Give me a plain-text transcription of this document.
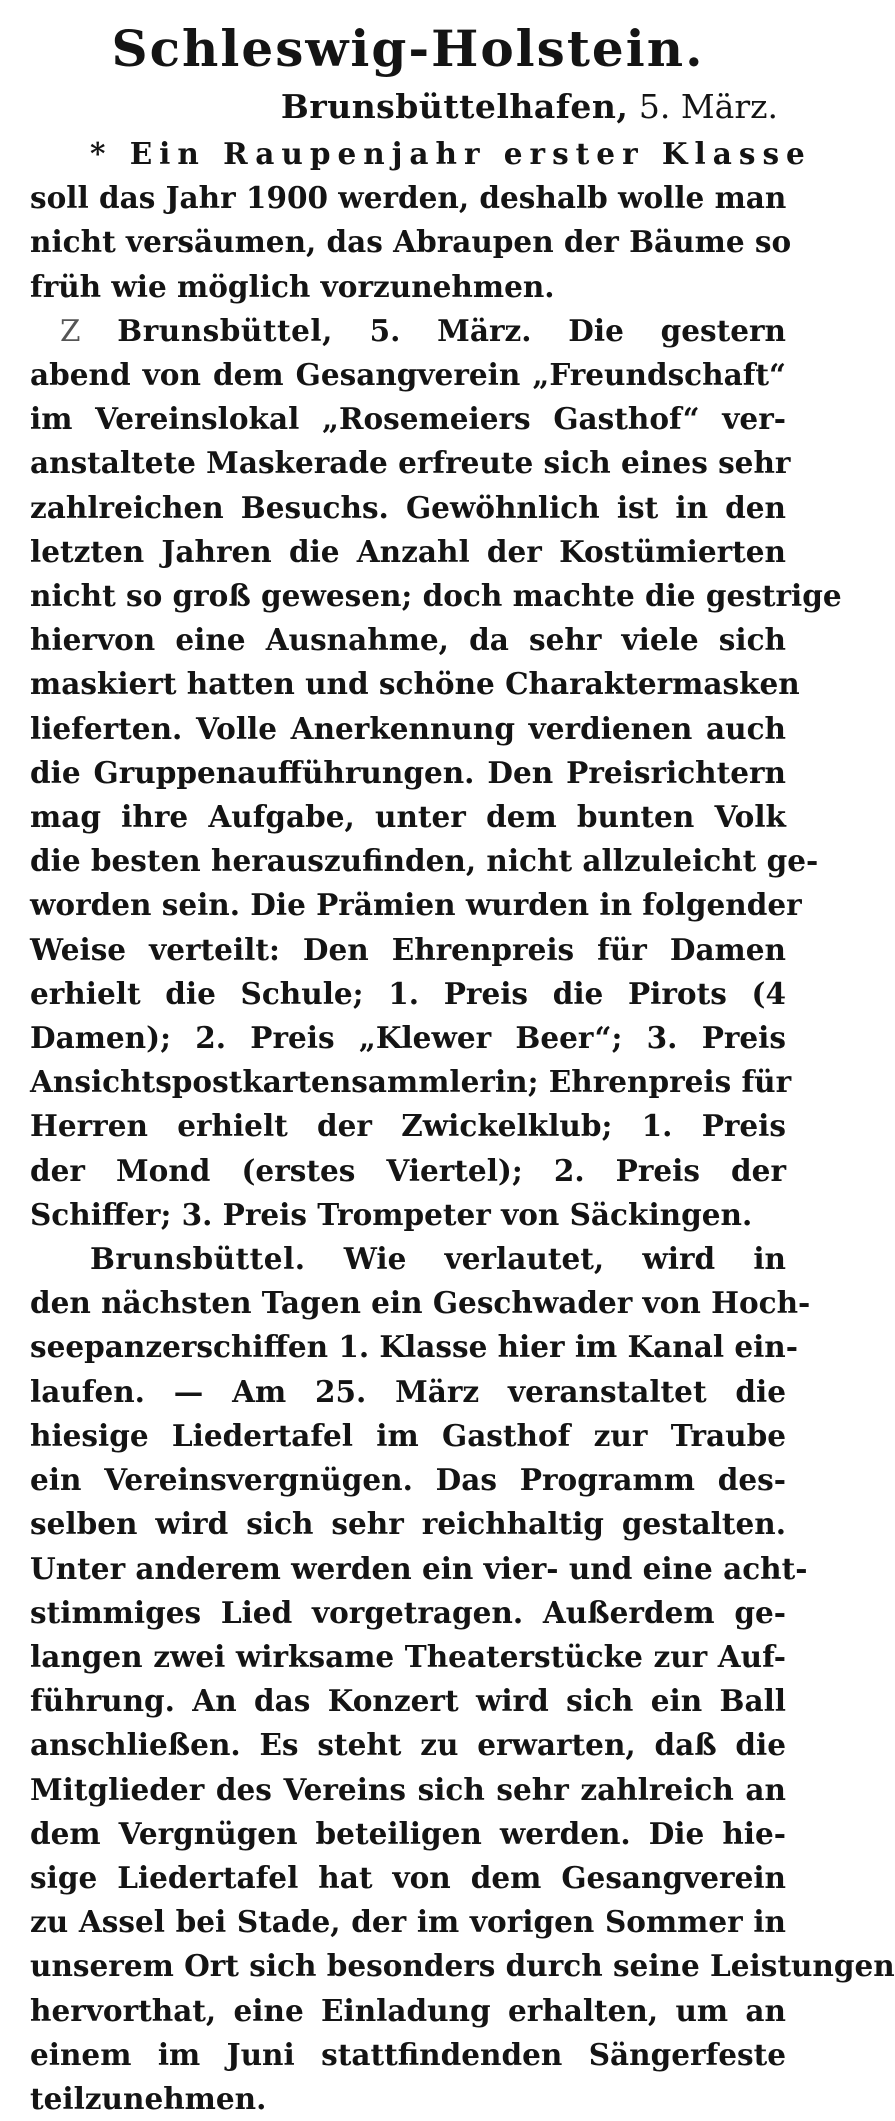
Schleswig-Holstein.
Brunsbüttelhafen, 5. März.
* Ein Raupenjahr erster Klasse
soll das Jahr 1900 werden, deshalb wolle man
nicht versäumen, das Abraupen der Bäume so
früh wie möglich vorzunehmen.
Z Brunsbüttel, 5. März. Die gestern
abend von dem Gesangverein „Freundschaft“
im Vereinslokal „Rosemeiers Gasthof“ ver-
anstaltete Maskerade erfreute sich eines sehr
zahlreichen Besuchs. Gewöhnlich ist in den
letzten Jahren die Anzahl der Kostümierten
nicht so groß gewesen; doch machte die gestrige
hiervon eine Ausnahme, da sehr viele sich
maskiert hatten und schöne Charaktermasken
lieferten. Volle Anerkennung verdienen auch
die Gruppenaufführungen. Den Preisrichtern
mag ihre Aufgabe, unter dem bunten Volk
die besten herauszufinden, nicht allzuleicht ge-
worden sein. Die Prämien wurden in folgender
Weise verteilt: Den Ehrenpreis für Damen
erhielt die Schule; 1. Preis die Pirots (4
Damen); 2. Preis „Klewer Beer“; 3. Preis
Ansichtspostkartensammlerin; Ehrenpreis für
Herren erhielt der Zwickelklub; 1. Preis
der Mond (erstes Viertel); 2. Preis der
Schiffer; 3. Preis Trompeter von Säckingen.
Brunsbüttel. Wie verlautet, wird in
den nächsten Tagen ein Geschwader von Hoch-
seepanzerschiffen 1. Klasse hier im Kanal ein-
laufen. — Am 25. März veranstaltet die
hiesige Liedertafel im Gasthof zur Traube
ein Vereinsvergnügen. Das Programm des-
selben wird sich sehr reichhaltig gestalten.
Unter anderem werden ein vier- und eine acht-
stimmiges Lied vorgetragen. Außerdem ge-
langen zwei wirksame Theaterstücke zur Auf-
führung. An das Konzert wird sich ein Ball
anschließen. Es steht zu erwarten, daß die
Mitglieder des Vereins sich sehr zahlreich an
dem Vergnügen beteiligen werden. Die hie-
sige Liedertafel hat von dem Gesangverein
zu Assel bei Stade, der im vorigen Sommer in
unserem Ort sich besonders durch seine Leistungen
hervorthat, eine Einladung erhalten, um an
einem im Juni stattfindenden Sängerfeste
teilzunehmen.
